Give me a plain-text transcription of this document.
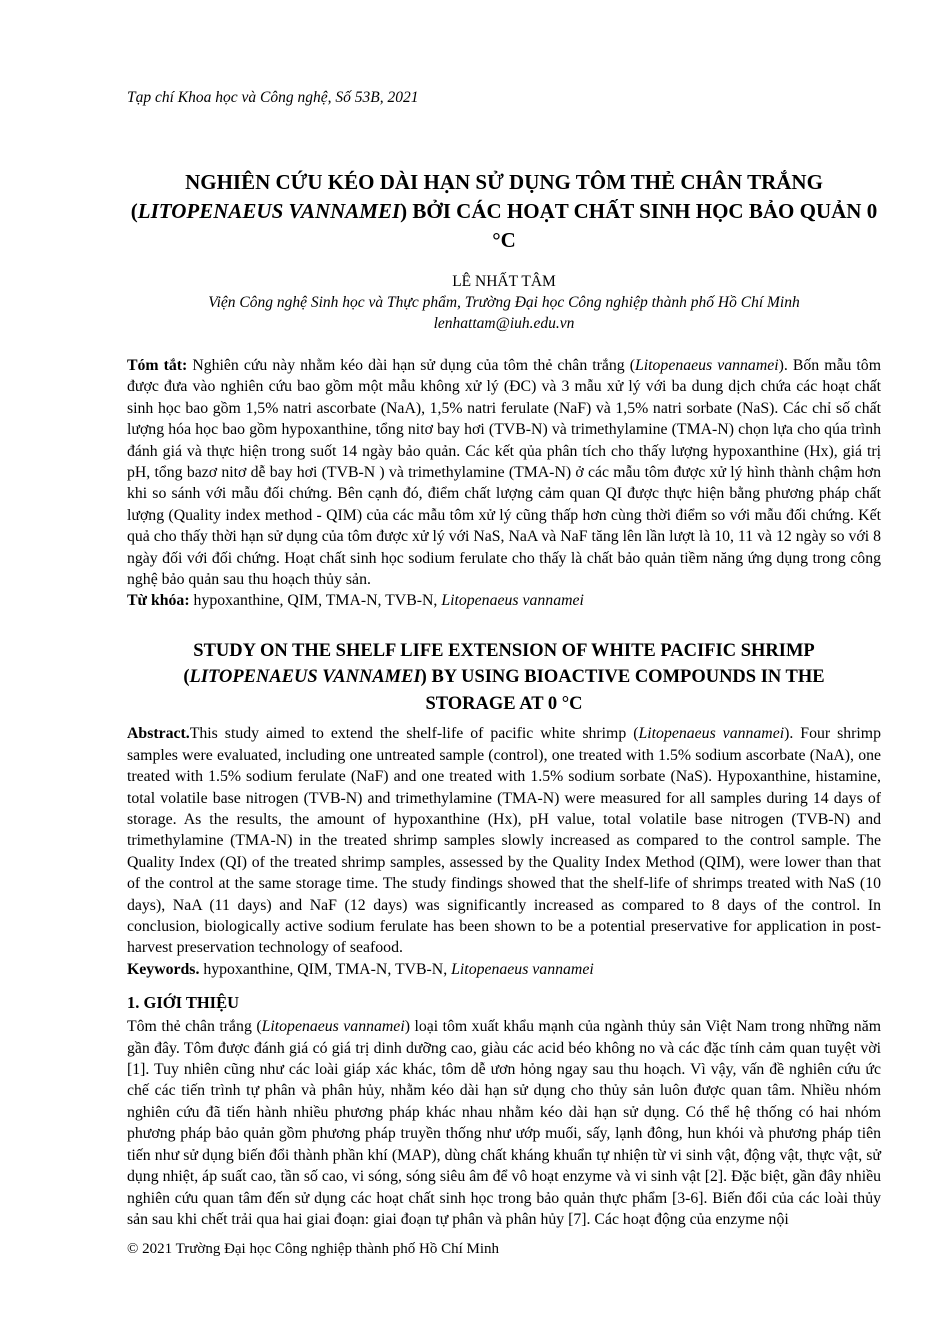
Tạp chí Khoa học và Công nghệ, Số 53B, 2021
NGHIÊN CỨU KÉO DÀI HẠN SỬ DỤNG TÔM THẺ CHÂN TRẮNG
(LITOPENAEUS VANNAMEI) BỞI CÁC HOẠT CHẤT SINH HỌC BẢO QUẢN 0 °C

LÊ NHẤT TÂM

Viện Công nghệ Sinh học và Thực phẩm, Trường Đại học Công nghiệp thành phố Hồ Chí Minh

lenhattam@iuh.edu.vn

Tóm tắt: Nghiên cứu này nhằm kéo dài hạn sử dụng của tôm thẻ chân trắng (Litopenaeus vannamei). Bốn mẫu tôm được đưa vào nghiên cứu bao gồm một mẫu không xử lý (ĐC) và 3 mẫu xử lý với ba dung dịch chứa các hoạt chất sinh học bao gồm 1,5% natri ascorbate (NaA), 1,5% natri ferulate (NaF) và 1,5% natri sorbate (NaS). Các chỉ số chất lượng hóa học bao gồm hypoxanthine, tổng nitơ bay hơi (TVB-N) và trimethylamine (TMA-N) chọn lựa cho qúa trình đánh giá và thực hiện trong suốt 14 ngày bảo quản. Các kết qủa phân tích cho thấy lượng hypoxanthine (Hx), giá trị pH, tổng bazơ nitơ dễ bay hơi (TVB-N ) và trimethylamine (TMA-N) ở các mẫu tôm được xử lý hình thành chậm hơn khi so sánh với mẫu đối chứng. Bên cạnh đó, điểm chất lượng cảm quan QI được thực hiện bằng phương pháp chất lượng (Quality index method - QIM) của các mẫu tôm xử lý cũng thấp hơn cùng thời điểm so với mẫu đối chứng. Kết quả cho thấy thời hạn sử dụng của tôm được xử lý với NaS, NaA và NaF tăng lên lần lượt là 10, 11 và 12 ngày so với 8 ngày đối với đối chứng. Hoạt chất sinh học sodium ferulate cho thấy là chất bảo quản tiềm năng ứng dụng trong công nghệ bảo quản sau thu hoạch thủy sản.

Từ khóa: hypoxanthine, QIM, TMA-N, TVB-N, Litopenaeus vannamei

STUDY ON THE SHELF LIFE EXTENSION OF WHITE PACIFIC SHRIMP
(LITOPENAEUS VANNAMEI) BY USING BIOACTIVE COMPOUNDS IN THE
STORAGE AT 0 °C

Abstract.This study aimed to extend the shelf-life of pacific white shrimp (Litopenaeus vannamei). Four shrimp samples were evaluated, including one untreated sample (control), one treated with 1.5% sodium ascorbate (NaA), one treated with 1.5% sodium ferulate (NaF) and one treated with 1.5% sodium sorbate (NaS). Hypoxanthine, histamine, total volatile base nitrogen (TVB-N) and trimethylamine (TMA-N) were measured for all samples during 14 days of storage. As the results, the amount of hypoxanthine (Hx), pH value, total volatile base nitrogen (TVB-N) and trimethylamine (TMA-N) in the treated shrimp samples slowly increased as compared to the control sample. The Quality Index (QI) of the treated shrimp samples, assessed by the Quality Index Method (QIM), were lower than that of the control at the same storage time. The study findings showed that the shelf-life of shrimps treated with NaS (10 days), NaA (11 days) and NaF (12 days) was significantly increased as compared to 8 days of the control. In conclusion, biologically active sodium ferulate has been shown to be a potential preservative for application in post-harvest preservation technology of seafood.

Keywords. hypoxanthine, QIM, TMA-N, TVB-N, Litopenaeus vannamei

1. GIỚI THIỆU

Tôm thẻ chân trắng (Litopenaeus vannamei) loại tôm xuất khẩu mạnh của ngành thủy sản Việt Nam trong những năm gần đây. Tôm được đánh giá có giá trị dinh dưỡng cao, giàu các acid béo không no và các đặc tính cảm quan tuyệt vời [1]. Tuy nhiên cũng như các loài giáp xác khác, tôm dễ ươn hỏng ngay sau thu hoạch. Vì vậy, vấn đề nghiên cứu ức chế các tiến trình tự phân và phân hủy, nhằm kéo dài hạn sử dụng cho thủy sản luôn được quan tâm. Nhiều nhóm nghiên cứu đã tiến hành nhiều phương pháp khác nhau nhằm kéo dài hạn sử dụng. Có thể hệ thống có hai nhóm phương pháp bảo quản gồm phương pháp truyền thống như ướp muối, sấy, lạnh đông, hun khói và phương pháp tiên tiến như sử dụng biến đổi thành phần khí (MAP), dùng chất kháng khuẩn tự nhiện từ vi sinh vật, động vật, thực vật, sử dụng nhiệt, áp suất cao, tần số cao, vi sóng, sóng siêu âm để vô hoạt enzyme và vi sinh vật [2]. Đặc biệt, gần đây nhiều nghiên cứu quan tâm đến sử dụng các hoạt chất sinh học trong bảo quản thực phẩm [3-6]. Biến đổi của các loài thủy sản sau khi chết trải qua hai giai đoạn: giai đoạn tự phân và phân hủy [7]. Các hoạt động của enzyme nội

© 2021 Trường Đại học Công nghiệp thành phố Hồ Chí Minh
